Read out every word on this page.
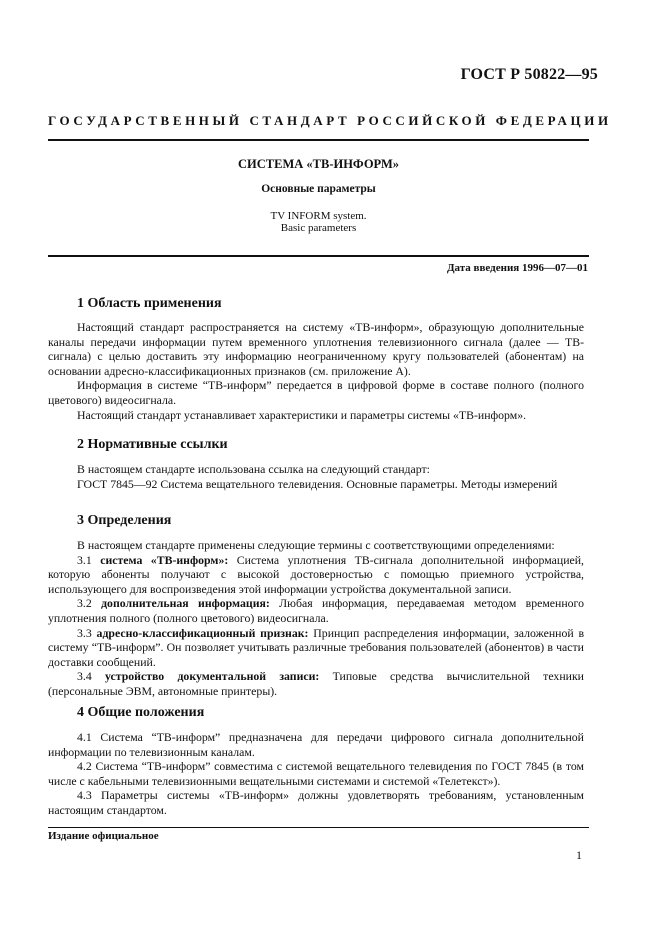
ГОСТ Р 50822—95
ГОСУДАРСТВЕННЫЙ СТАНДАРТ РОССИЙСКОЙ ФЕДЕРАЦИИ
СИСТЕМА «ТВ-ИНФОРМ»
Основные параметры
TV INFORM system.
Basic parameters
Дата введения 1996—07—01
1 Область применения

Настоящий стандарт распространяется на систему «ТВ-информ», образующую дополнительные каналы передачи информации путем временного уплотнения телевизионного сигнала (далее — ТВ-сигнала) с целью доставить эту информацию неограниченному кругу пользователей (абонентам) на основании адресно-классификационных признаков (см. приложение А).

Информация в системе “ТВ-информ” передается в цифровой форме в составе полного (полного цветового) видеосигнала.

Настоящий стандарт устанавливает характеристики и параметры системы «ТВ-информ».

2 Нормативные ссылки

В настоящем стандарте использована ссылка на следующий стандарт:

ГОСТ 7845—92 Система вещательного телевидения. Основные параметры. Методы измерений

3 Определения

В настоящем стандарте применены следующие термины с соответствующими определениями:

3.1 система «ТВ-информ»: Система уплотнения ТВ-сигнала дополнительной информацией, которую абоненты получают с высокой достоверностью с помощью приемного устройства, использующего для воспроизведения этой информации устройства документальной записи.

3.2 дополнительная информация: Любая информация, передаваемая методом временного уплотнения полного (полного цветового) видеосигнала.

3.3 адресно-классификационный признак: Принцип распределения информации, заложенной в систему “ТВ-информ”. Он позволяет учитывать различные требования пользователей (абонентов) в части доставки сообщений.

3.4 устройство документальной записи: Типовые средства вычислительной техники (персональные ЭВМ, автономные принтеры).

4 Общие положения

4.1 Система “ТВ-информ” предназначена для передачи цифрового сигнала дополнительной информации по телевизионным каналам.

4.2 Система “ТВ-информ” совместима с системой вещательного телевидения по ГОСТ 7845 (в том числе с кабельными телевизионными вещательными системами и системой «Телетекст»).

4.3 Параметры системы «ТВ-информ» должны удовлетворять требованиям, установленным настоящим стандартом.

Издание официальное
1
